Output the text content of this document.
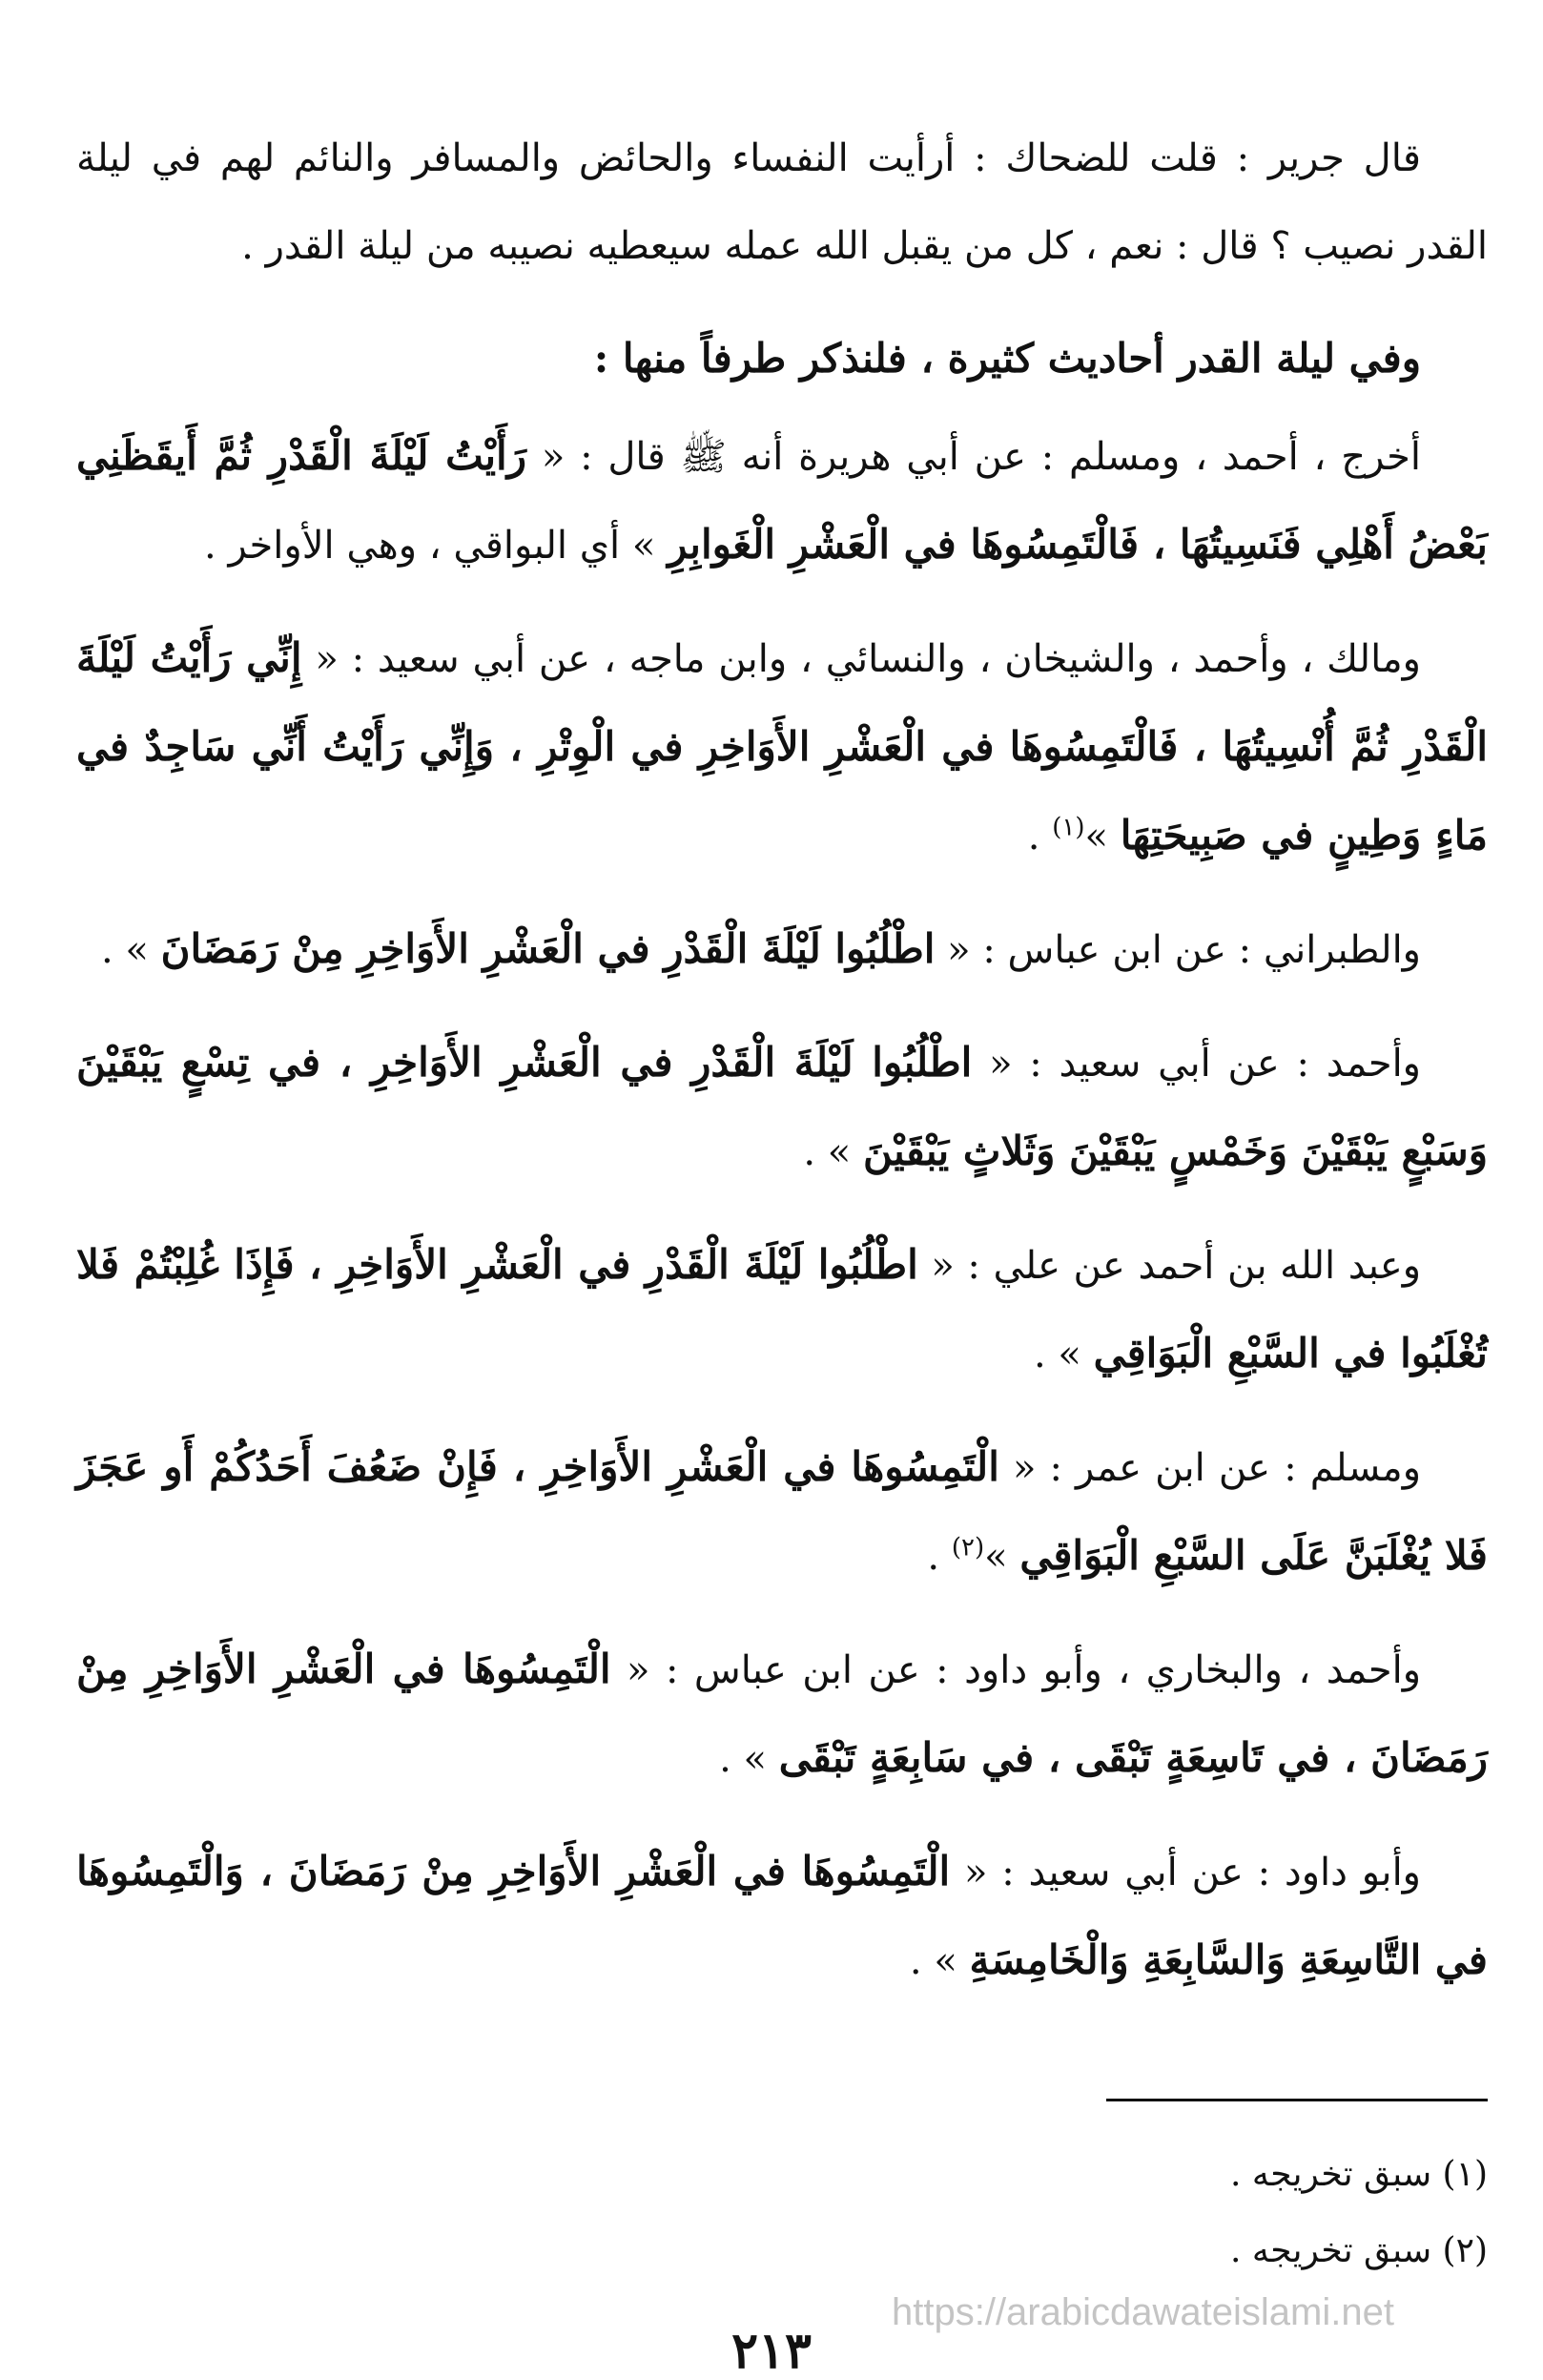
قال جرير : قلت للضحاك : أرأيت النفساء والحائض والمسافر والنائم لهم في ليلة القدر نصيب ؟ قال : نعم ، كل من يقبل الله عمله سيعطيه نصيبه من ليلة القدر .

وفي ليلة القدر أحاديث كثيرة ، فلنذكر طرفاً منها :

أخرج ، أحمد ، ومسلم : عن أبي هريرة أنه ﷺ قال : « رَأَيْتُ لَيْلَةَ الْقَدْرِ ثُمَّ أَيقَظَنِي بَعْضُ أَهْلِي فَنَسِيتُهَا ، فَالْتَمِسُوهَا في الْعَشْرِ الْغَوابِرِ » أي البواقي ، وهي الأواخر .

ومالك ، وأحمد ، والشيخان ، والنسائي ، وابن ماجه ، عن أبي سعيد : « إِنِّي رَأَيْتُ لَيْلَةَ الْقَدْرِ ثُمَّ أُنْسِيتُهَا ، فَالْتَمِسُوهَا في الْعَشْرِ الأَوَاخِرِ في الْوِتْرِ ، وَإِنِّي رَأَيْتُ أَنِّي سَاجِدٌ في مَاءٍ وَطِينٍ في صَبِيحَتِهَا »$^{(١)}$ .

والطبراني : عن ابن عباس : « اطْلُبُوا لَيْلَةَ الْقَدْرِ في الْعَشْرِ الأَوَاخِرِ مِنْ رَمَضَانَ » .

وأحمد : عن أبي سعيد : « اطْلُبُوا لَيْلَةَ الْقَدْرِ في الْعَشْرِ الأَوَاخِرِ ، في تِسْعٍ يَبْقَيْنَ وَسَبْعٍ يَبْقَيْنَ وَخَمْسٍ يَبْقَيْنَ وَثَلاثٍ يَبْقَيْنَ » .

وعبد الله بن أحمد عن علي : « اطْلُبُوا لَيْلَةَ الْقَدْرِ في الْعَشْرِ الأَوَاخِرِ ، فَإِذَا غُلِبْتُمْ فَلا تُغْلَبُوا في السَّبْعِ الْبَوَاقِي » .

ومسلم : عن ابن عمر : « الْتَمِسُوهَا في الْعَشْرِ الأَوَاخِرِ ، فَإِنْ ضَعُفَ أَحَدُكُمْ أَو عَجَزَ فَلا يُغْلَبَنَّ عَلَى السَّبْعِ الْبَوَاقِي »$^{(٢)}$ .

وأحمد ، والبخاري ، وأبو داود : عن ابن عباس : « الْتَمِسُوهَا في الْعَشْرِ الأَوَاخِرِ مِنْ رَمَضَانَ ، في تَاسِعَةٍ تَبْقَى ، في سَابِعَةٍ تَبْقَى » .

وأبو داود : عن أبي سعيد : « الْتَمِسُوهَا في الْعَشْرِ الأَوَاخِرِ مِنْ رَمَضَانَ ، وَالْتَمِسُوهَا في التَّاسِعَةِ وَالسَّابِعَةِ وَالْخَامِسَةِ » .

(١) سبق تخريجه .

(٢) سبق تخريجه .

https://arabicdawateislami.net
٢١٣
